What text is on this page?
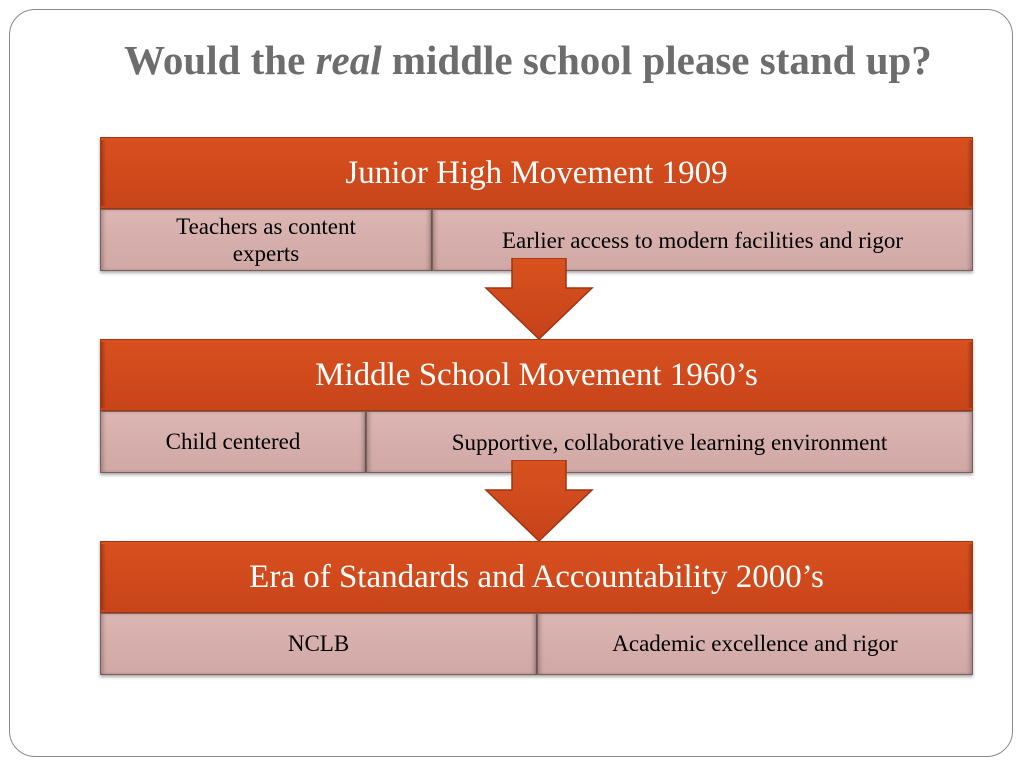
Would the real middle school please stand up?
Junior High Movement 1909
Teachers as content experts
Earlier access to modern facilities and rigor
Middle School Movement 1960’s
Child centered	Supportive, collaborative learning environment
Era of Standards and Accountability 2000’s
NCLB	Academic excellence and rigor
